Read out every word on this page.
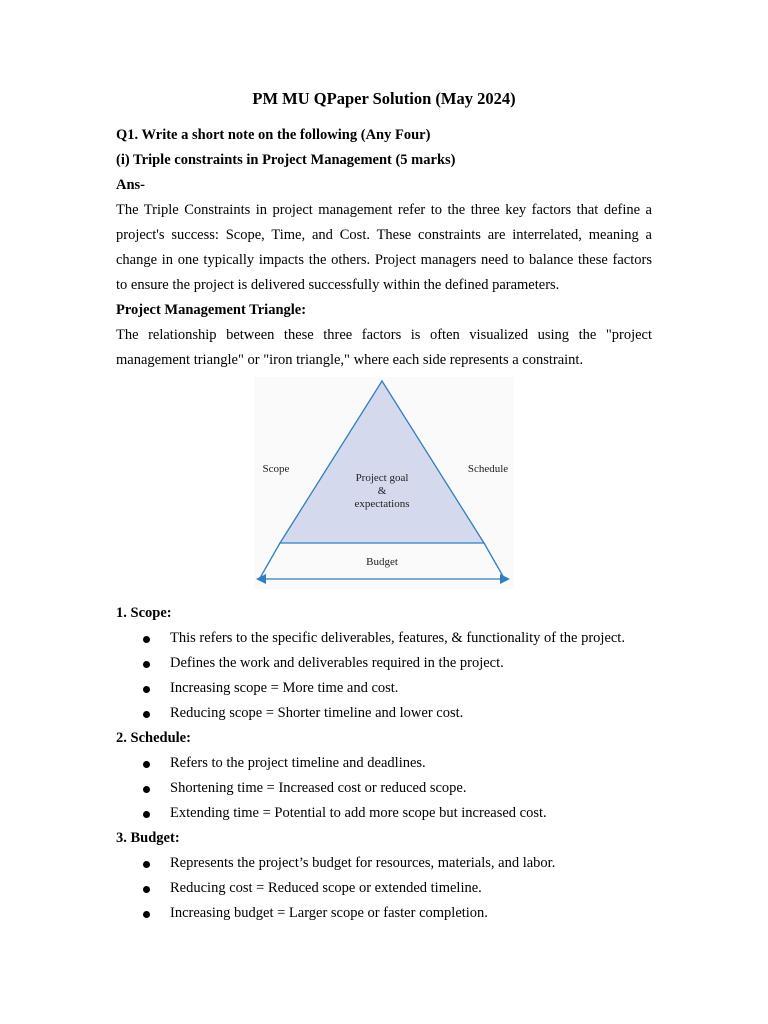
PM MU QPaper Solution (May 2024)

Q1. Write a short note on the following (Any Four)

(i) Triple constraints in Project Management (5 marks)

Ans-

The Triple Constraints in project management refer to the three key factors that define a project's success: Scope, Time, and Cost. These constraints are interrelated, meaning a change in one typically impacts the others. Project managers need to balance these factors to ensure the project is delivered successfully within the defined parameters.

Project Management Triangle:

The relationship between these three factors is often visualized using the "project management triangle" or "iron triangle," where each side represents a constraint.

Scope	Schedule
Project goal
&
expectations
Budget

1. Scope:

This refers to the specific deliverables, features, & functionality of the project.
Defines the work and deliverables required in the project.
Increasing scope = More time and cost.
Reducing scope = Shorter timeline and lower cost.

2. Schedule:

Refers to the project timeline and deadlines.
Shortening time = Increased cost or reduced scope.
Extending time = Potential to add more scope but increased cost.

3. Budget:

Represents the project’s budget for resources, materials, and labor.
Reducing cost = Reduced scope or extended timeline.
Increasing budget = Larger scope or faster completion.
